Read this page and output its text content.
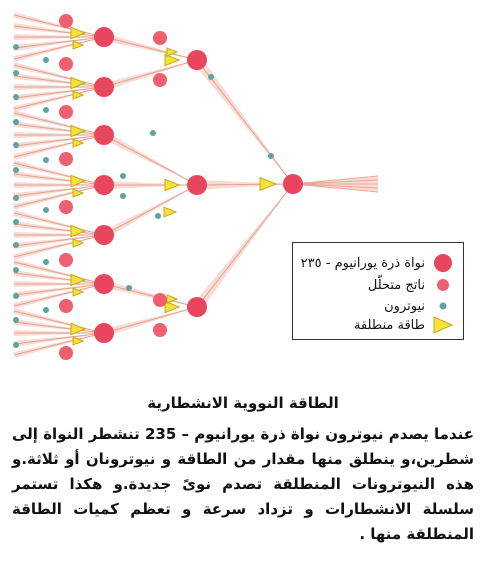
نواة ذرة يورانيوم - ٢٣٥
ناتج متحلّل
نيوترون
طاقة منطلقة
الطاقة النووية الانشطارية
عندما يصدم نيوترون نواة ذرة يورانيوم – 235 تنشطر النواة إلى شطرين،و ينطلق منها مقدار من الطاقة و نيوترونان أو ثلاثة.و هذه النيوترونات المنطلقة تصدم نوىً جديدة.و هكذا تستمر سلسلة الانشطارات و تزداد سرعة و تعظم كميات الطاقة المنطلقة منها .
